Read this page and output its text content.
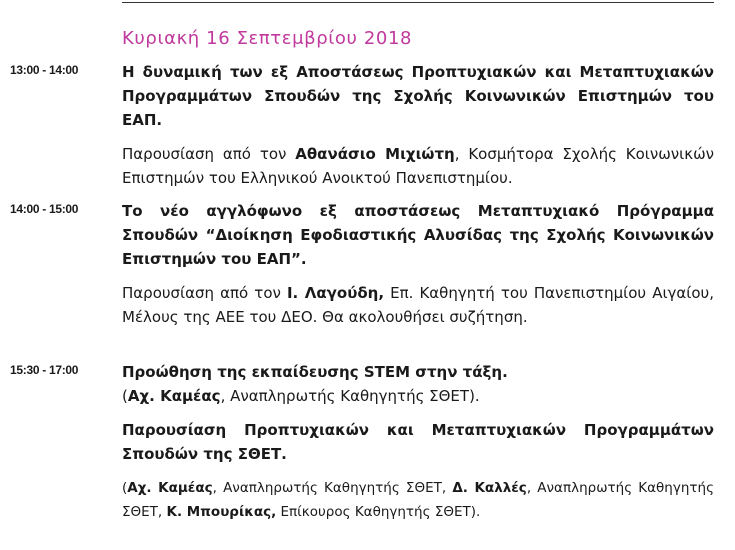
Κυριακή 16 Σεπτεμβρίου 2018
13:00 - 14:00	Η δυναμική των εξ Αποστάσεως Προπτυχιακών και Μεταπτυχιακών Προγραμμάτων Σπουδών της Σχολής Κοινωνικών Επιστημών του ΕΑΠ.

Παρουσίαση από τον Αθανάσιο Μιχιώτη, Κοσμήτορα Σχολής Κοινωνικών Επιστημών του Ελληνικού Ανοικτού Πανεπιστημίου.

14:00 - 15:00	Το νέο αγγλόφωνο εξ αποστάσεως Μεταπτυχιακό Πρόγραμμα Σπουδών “Διοίκηση Εφοδιαστικής Αλυσίδας της Σχολής Κοινωνικών Επιστημών του ΕΑΠ”.

Παρουσίαση από τον Ι. Λαγούδη, Επ. Καθηγητή του Πανεπιστημίου Αιγαίου, Μέλους της ΑΕΕ του ΔΕΟ. Θα ακολουθήσει συζήτηση.

15:30 - 17:00	Προώθηση της εκπαίδευσης STEM στην τάξη.

(Αχ. Καμέας, Αναπληρωτής Καθηγητής ΣΘΕΤ).

Παρουσίαση Προπτυχιακών και Μεταπτυχιακών Προγραμμάτων Σπουδών της ΣΘΕΤ.

(Αχ. Καμέας, Αναπληρωτής Καθηγητής ΣΘΕΤ, Δ. Καλλές, Αναπληρωτής Καθηγητής ΣΘΕΤ, Κ. Μπουρίκας, Επίκουρος Καθηγητής ΣΘΕΤ).
